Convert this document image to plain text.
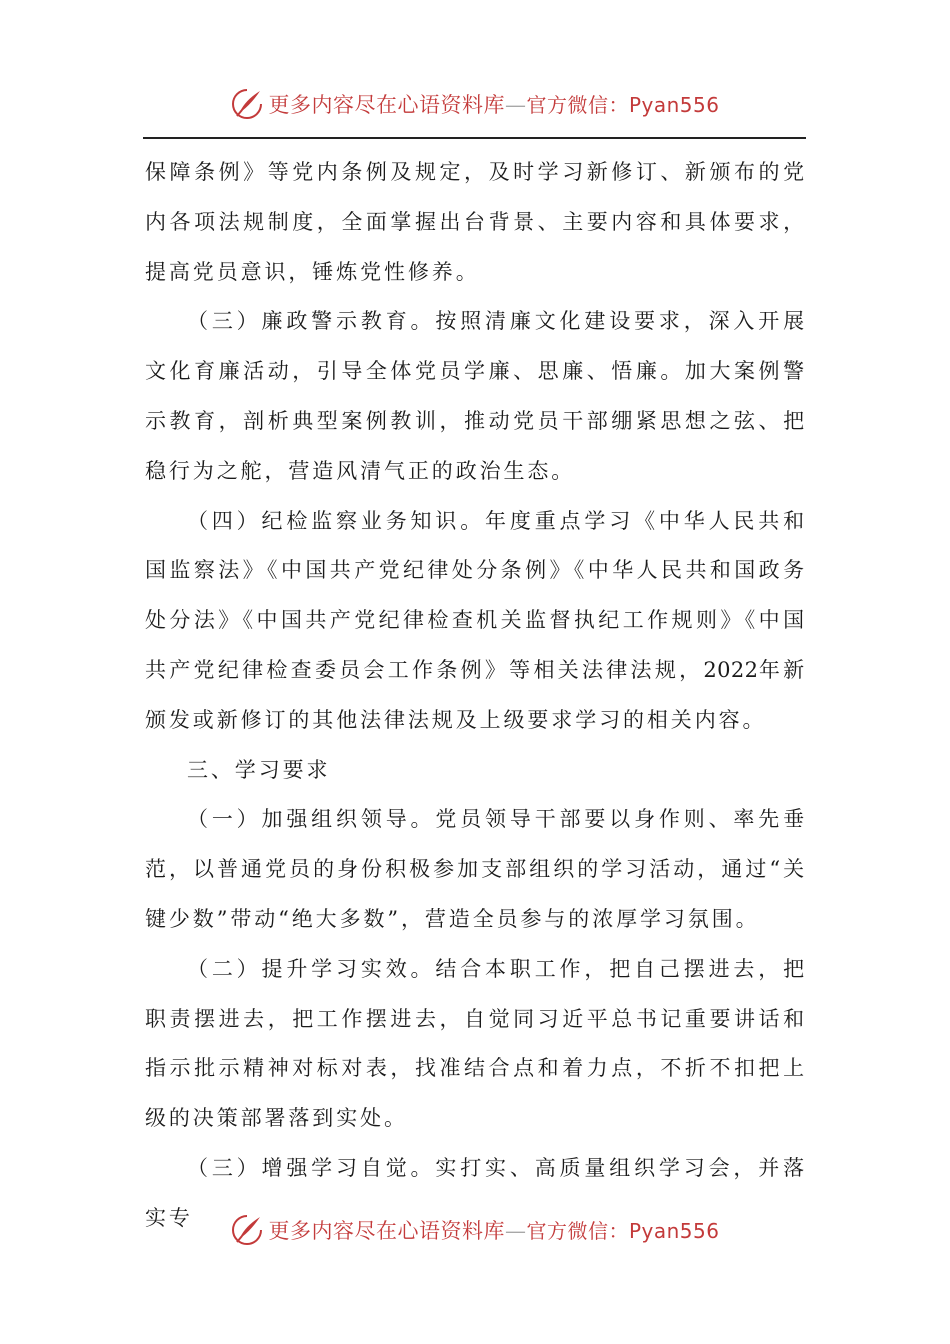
更多内容尽在心语资料库—官方微信：Pyan556

保障条例》等党内条例及规定，及时学习新修订、新颁布的党内各项法规制度，全面掌握出台背景、主要内容和具体要求，提高党员意识，锤炼党性修养。

（三）廉政警示教育。按照清廉文化建设要求，深入开展文化育廉活动，引导全体党员学廉、思廉、悟廉。加大案例警示教育，剖析典型案例教训，推动党员干部绷紧思想之弦、把稳行为之舵，营造风清气正的政治生态。

（四）纪检监察业务知识。年度重点学习《中华人民共和国监察法》《中国共产党纪律处分条例》《中华人民共和国政务处分法》《中国共产党纪律检查机关监督执纪工作规则》《中国共产党纪律检查委员会工作条例》等相关法律法规，2022年新颁发或新修订的其他法律法规及上级要求学习的相关内容。

三、学习要求

（一）加强组织领导。党员领导干部要以身作则、率先垂范，以普通党员的身份积极参加支部组织的学习活动，通过“关键少数”带动“绝大多数”，营造全员参与的浓厚学习氛围。

（二）提升学习实效。结合本职工作，把自己摆进去，把职责摆进去，把工作摆进去，自觉同习近平总书记重要讲话和指示批示精神对标对表，找准结合点和着力点，不折不扣把上级的决策部署落到实处。

（三）增强学习自觉。实打实、高质量组织学习会，并落实专

更多内容尽在心语资料库—官方微信：Pyan556
